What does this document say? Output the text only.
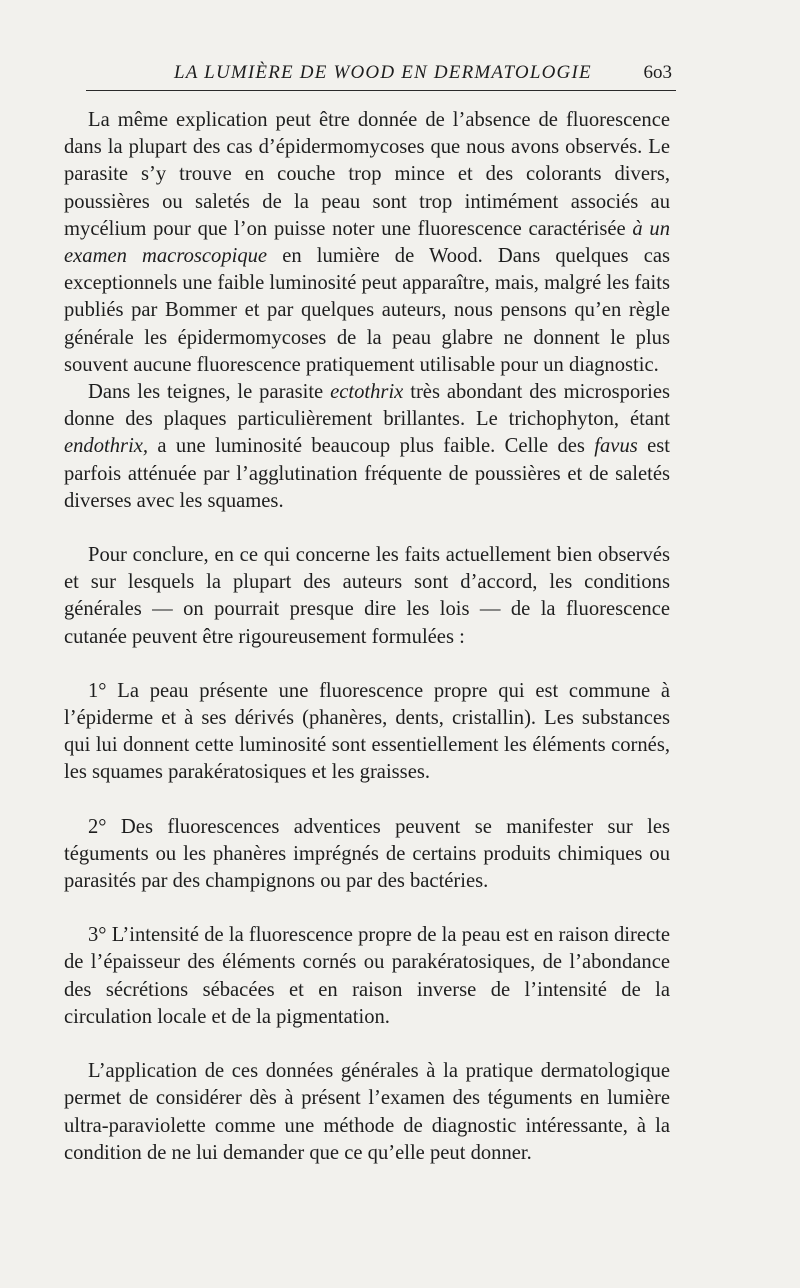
LA LUMIÈRE DE WOOD EN DERMATOLOGIE	6o3

La même explication peut être donnée de l’absence de fluorescence dans la plupart des cas d’épidermomycoses que nous avons observés. Le parasite s’y trouve en couche trop mince et des colorants divers, poussières ou saletés de la peau sont trop intimément associés au mycélium pour que l’on puisse noter une fluorescence caractérisée à un examen macroscopique en lumière de Wood. Dans quelques cas exceptionnels une faible luminosité peut apparaître, mais, malgré les faits publiés par Bommer et par quelques auteurs, nous pensons qu’en règle générale les épidermomycoses de la peau glabre ne donnent le plus souvent aucune fluorescence pratiquement utilisable pour un diagnostic.

Dans les teignes, le parasite ectothrix très abondant des microspories donne des plaques particulièrement brillantes. Le trichophyton, étant endothrix, a une luminosité beaucoup plus faible. Celle des favus est parfois atténuée par l’agglutination fréquente de poussières et de saletés diverses avec les squames.

Pour conclure, en ce qui concerne les faits actuellement bien observés et sur lesquels la plupart des auteurs sont d’accord, les conditions générales — on pourrait presque dire les lois — de la fluorescence cutanée peuvent être rigoureusement formulées :

1° La peau présente une fluorescence propre qui est commune à l’épiderme et à ses dérivés (phanères, dents, cristallin). Les substances qui lui donnent cette luminosité sont essentiellement les éléments cornés, les squames parakératosiques et les graisses.

2° Des fluorescences adventices peuvent se manifester sur les téguments ou les phanères imprégnés de certains produits chimiques ou parasités par des champignons ou par des bactéries.

3° L’intensité de la fluorescence propre de la peau est en raison directe de l’épaisseur des éléments cornés ou parakératosiques, de l’abondance des sécrétions sébacées et en raison inverse de l’intensité de la circulation locale et de la pigmentation.

L’application de ces données générales à la pratique dermatologique permet de considérer dès à présent l’examen des téguments en lumière ultra-paraviolette comme une méthode de diagnostic intéressante, à la condition de ne lui demander que ce qu’elle peut donner.
